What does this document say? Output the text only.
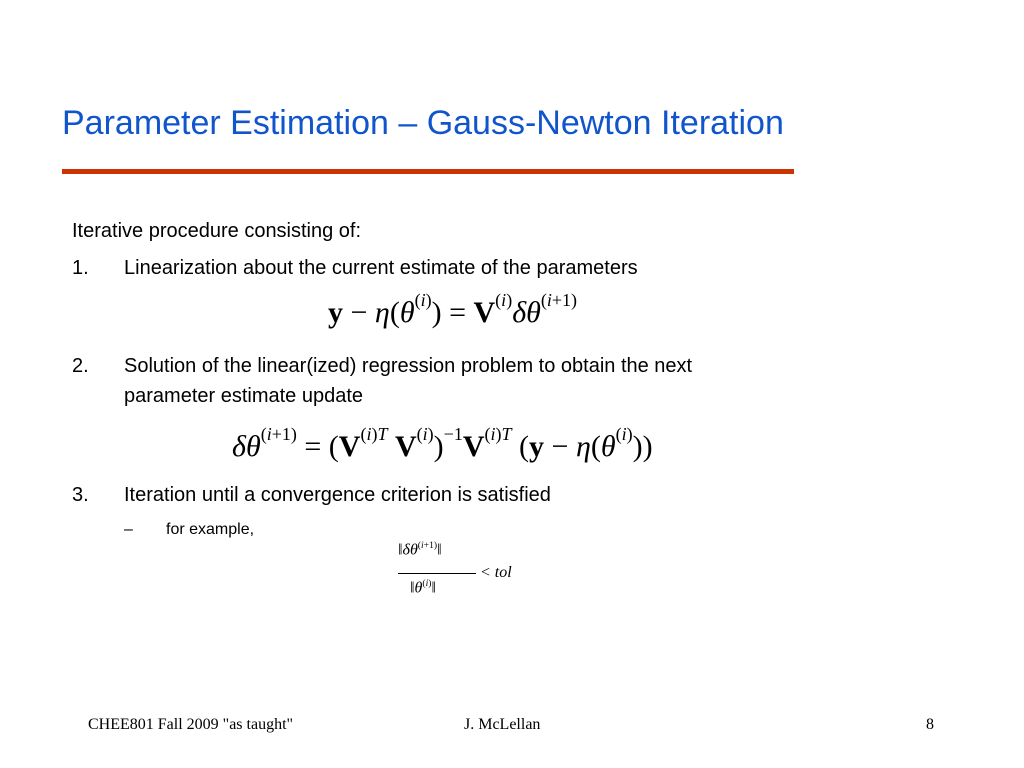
Parameter Estimation – Gauss-Newton Iteration
Iterative procedure consisting of:
1. Linearization about the current estimate of the parameters
$y - \eta(\theta^{(i)}) = V^{(i)}\delta\theta^{(i+1)}$
2. Solution of the linear(ized) regression problem to obtain the next
parameter estimate update
$\delta\theta^{(i+1)} = (V^{(i)T}$ $V^{(i)})^{-1}V^{(i)T}$ $(y - \eta(\theta^{(i)}))$
3. Iteration until a convergence criterion is satisfied
– for example,
$‖\delta\theta^{(i+1)}‖$
$‖\theta^{(i)}‖$
< tol
CHEE801 Fall 2009 "as taught"	J. McLellan	8
